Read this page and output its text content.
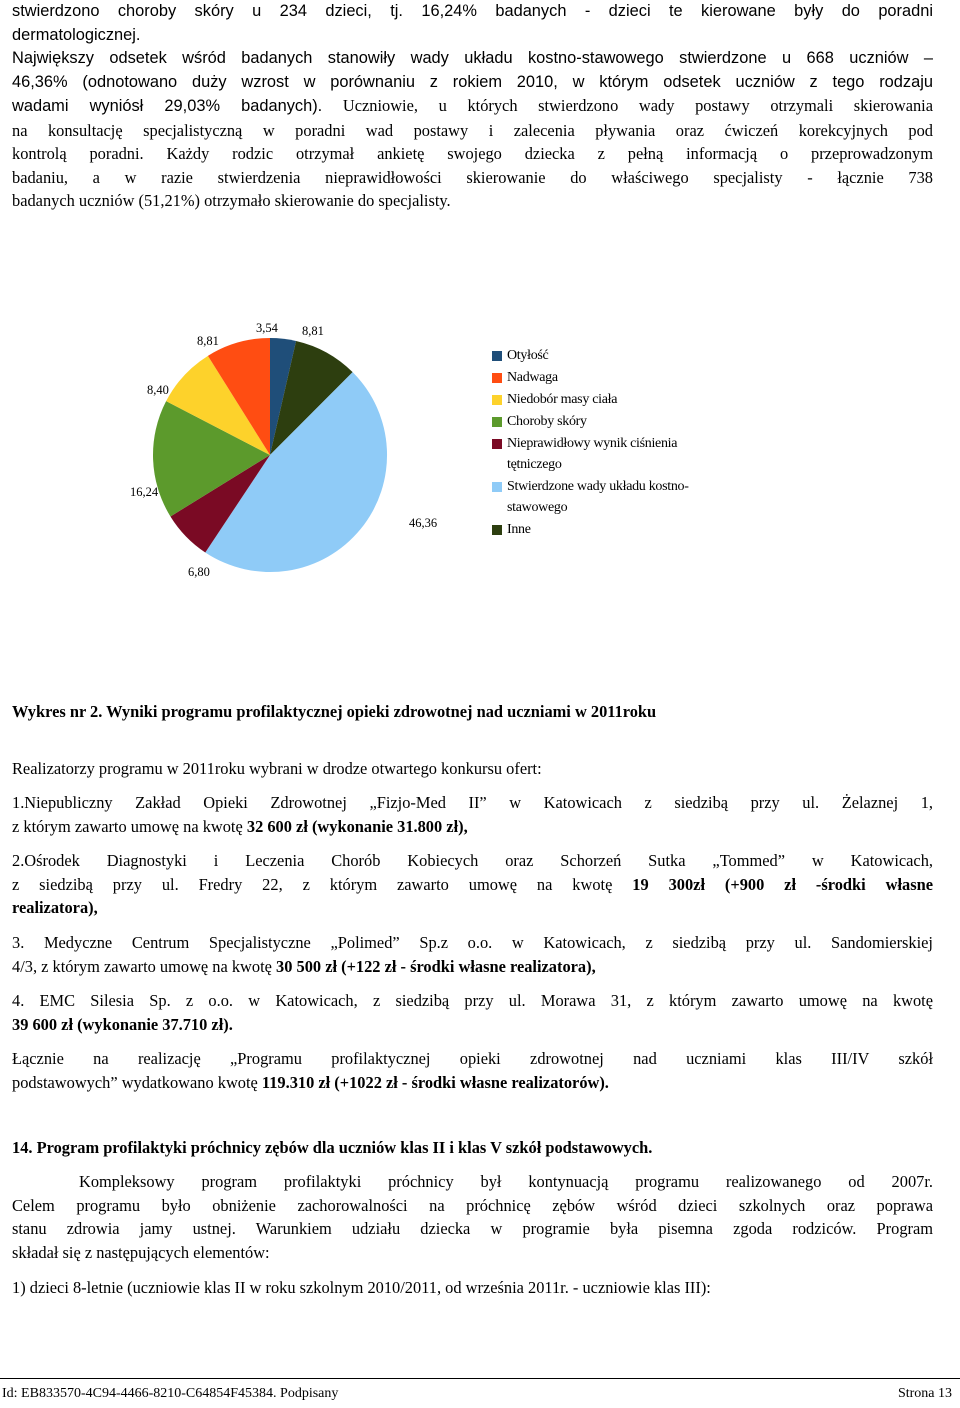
stwierdzono choroby skóry u 234 dzieci, tj. 16,24% badanych - dzieci te kierowane były do poradni
dermatologicznej.
Największy odsetek wśród badanych stanowiły wady układu kostno-stawowego stwierdzone u 668 uczniów –
46,36% (odnotowano duży wzrost w porównaniu z rokiem 2010, w którym odsetek uczniów z tego rodzaju
wadami wyniósł 29,03% badanych). Uczniowie, u których stwierdzono wady postawy otrzymali skierowania
na konsultację specjalistyczną w poradni wad postawy i zalecenia pływania oraz ćwiczeń korekcyjnych pod
kontrolą poradni. Każdy rodzic otrzymał ankietę swojego dziecka z pełną informacją o przeprowadzonym
badaniu, a w razie stwierdzenia nieprawidłowości skierowanie do właściwego specjalisty - łącznie 738
badanych uczniów (51,21%) otrzymało skierowanie do specjalisty.
3,54 8,81
46,36
6,80
16,24
8,40
8,81
Otyłość
Nadwaga
Niedobór masy ciała
Choroby skóry
Nieprawidłowy wynik ciśnienia
tętniczego
Stwierdzone wady układu kostno-
stawowego
Inne
Wykres nr 2. Wyniki programu profilaktycznej opieki zdrowotnej nad uczniami w 2011roku
Realizatorzy programu w 2011roku wybrani w drodze otwartego konkursu ofert:
1.Niepubliczny Zakład Opieki Zdrowotnej „Fizjo-Med II” w Katowicach z siedzibą przy ul. Żelaznej 1,
z którym zawarto umowę na kwotę 32 600 zł (wykonanie 31.800 zł),
2.Ośrodek Diagnostyki i Leczenia Chorób Kobiecych oraz Schorzeń Sutka „Tommed” w Katowicach,
z siedzibą przy ul. Fredry 22, z którym zawarto umowę na kwotę 19 300zł (+900 zł -środki własne
realizatora),
3. Medyczne Centrum Specjalistyczne „Polimed” Sp.z o.o. w Katowicach, z siedzibą przy ul. Sandomierskiej
4/3, z którym zawarto umowę na kwotę 30 500 zł (+122 zł - środki własne realizatora),
4. EMC Silesia Sp. z o.o. w Katowicach, z siedzibą przy ul. Morawa 31, z którym zawarto umowę na kwotę
39 600 zł (wykonanie 37.710 zł).
Łącznie na realizację „Programu profilaktycznej opieki zdrowotnej nad uczniami klas III/IV szkół
podstawowych” wydatkowano kwotę 119.310 zł (+1022 zł - środki własne realizatorów).
14. Program profilaktyki próchnicy zębów dla uczniów klas II i klas V szkół podstawowych.
Kompleksowy program profilaktyki próchnicy był kontynuacją programu realizowanego od 2007r.
Celem programu było obniżenie zachorowalności na próchnicę zębów wśród dzieci szkolnych oraz poprawa
stanu zdrowia jamy ustnej. Warunkiem udziału dziecka w programie była pisemna zgoda rodziców. Program
składał się z następujących elementów:
1) dzieci 8-letnie (uczniowie klas II w roku szkolnym 2010/2011, od września 2011r. - uczniowie klas III):
Id: EB833570-4C94-4466-8210-C64854F45384. Podpisany	Strona 13
